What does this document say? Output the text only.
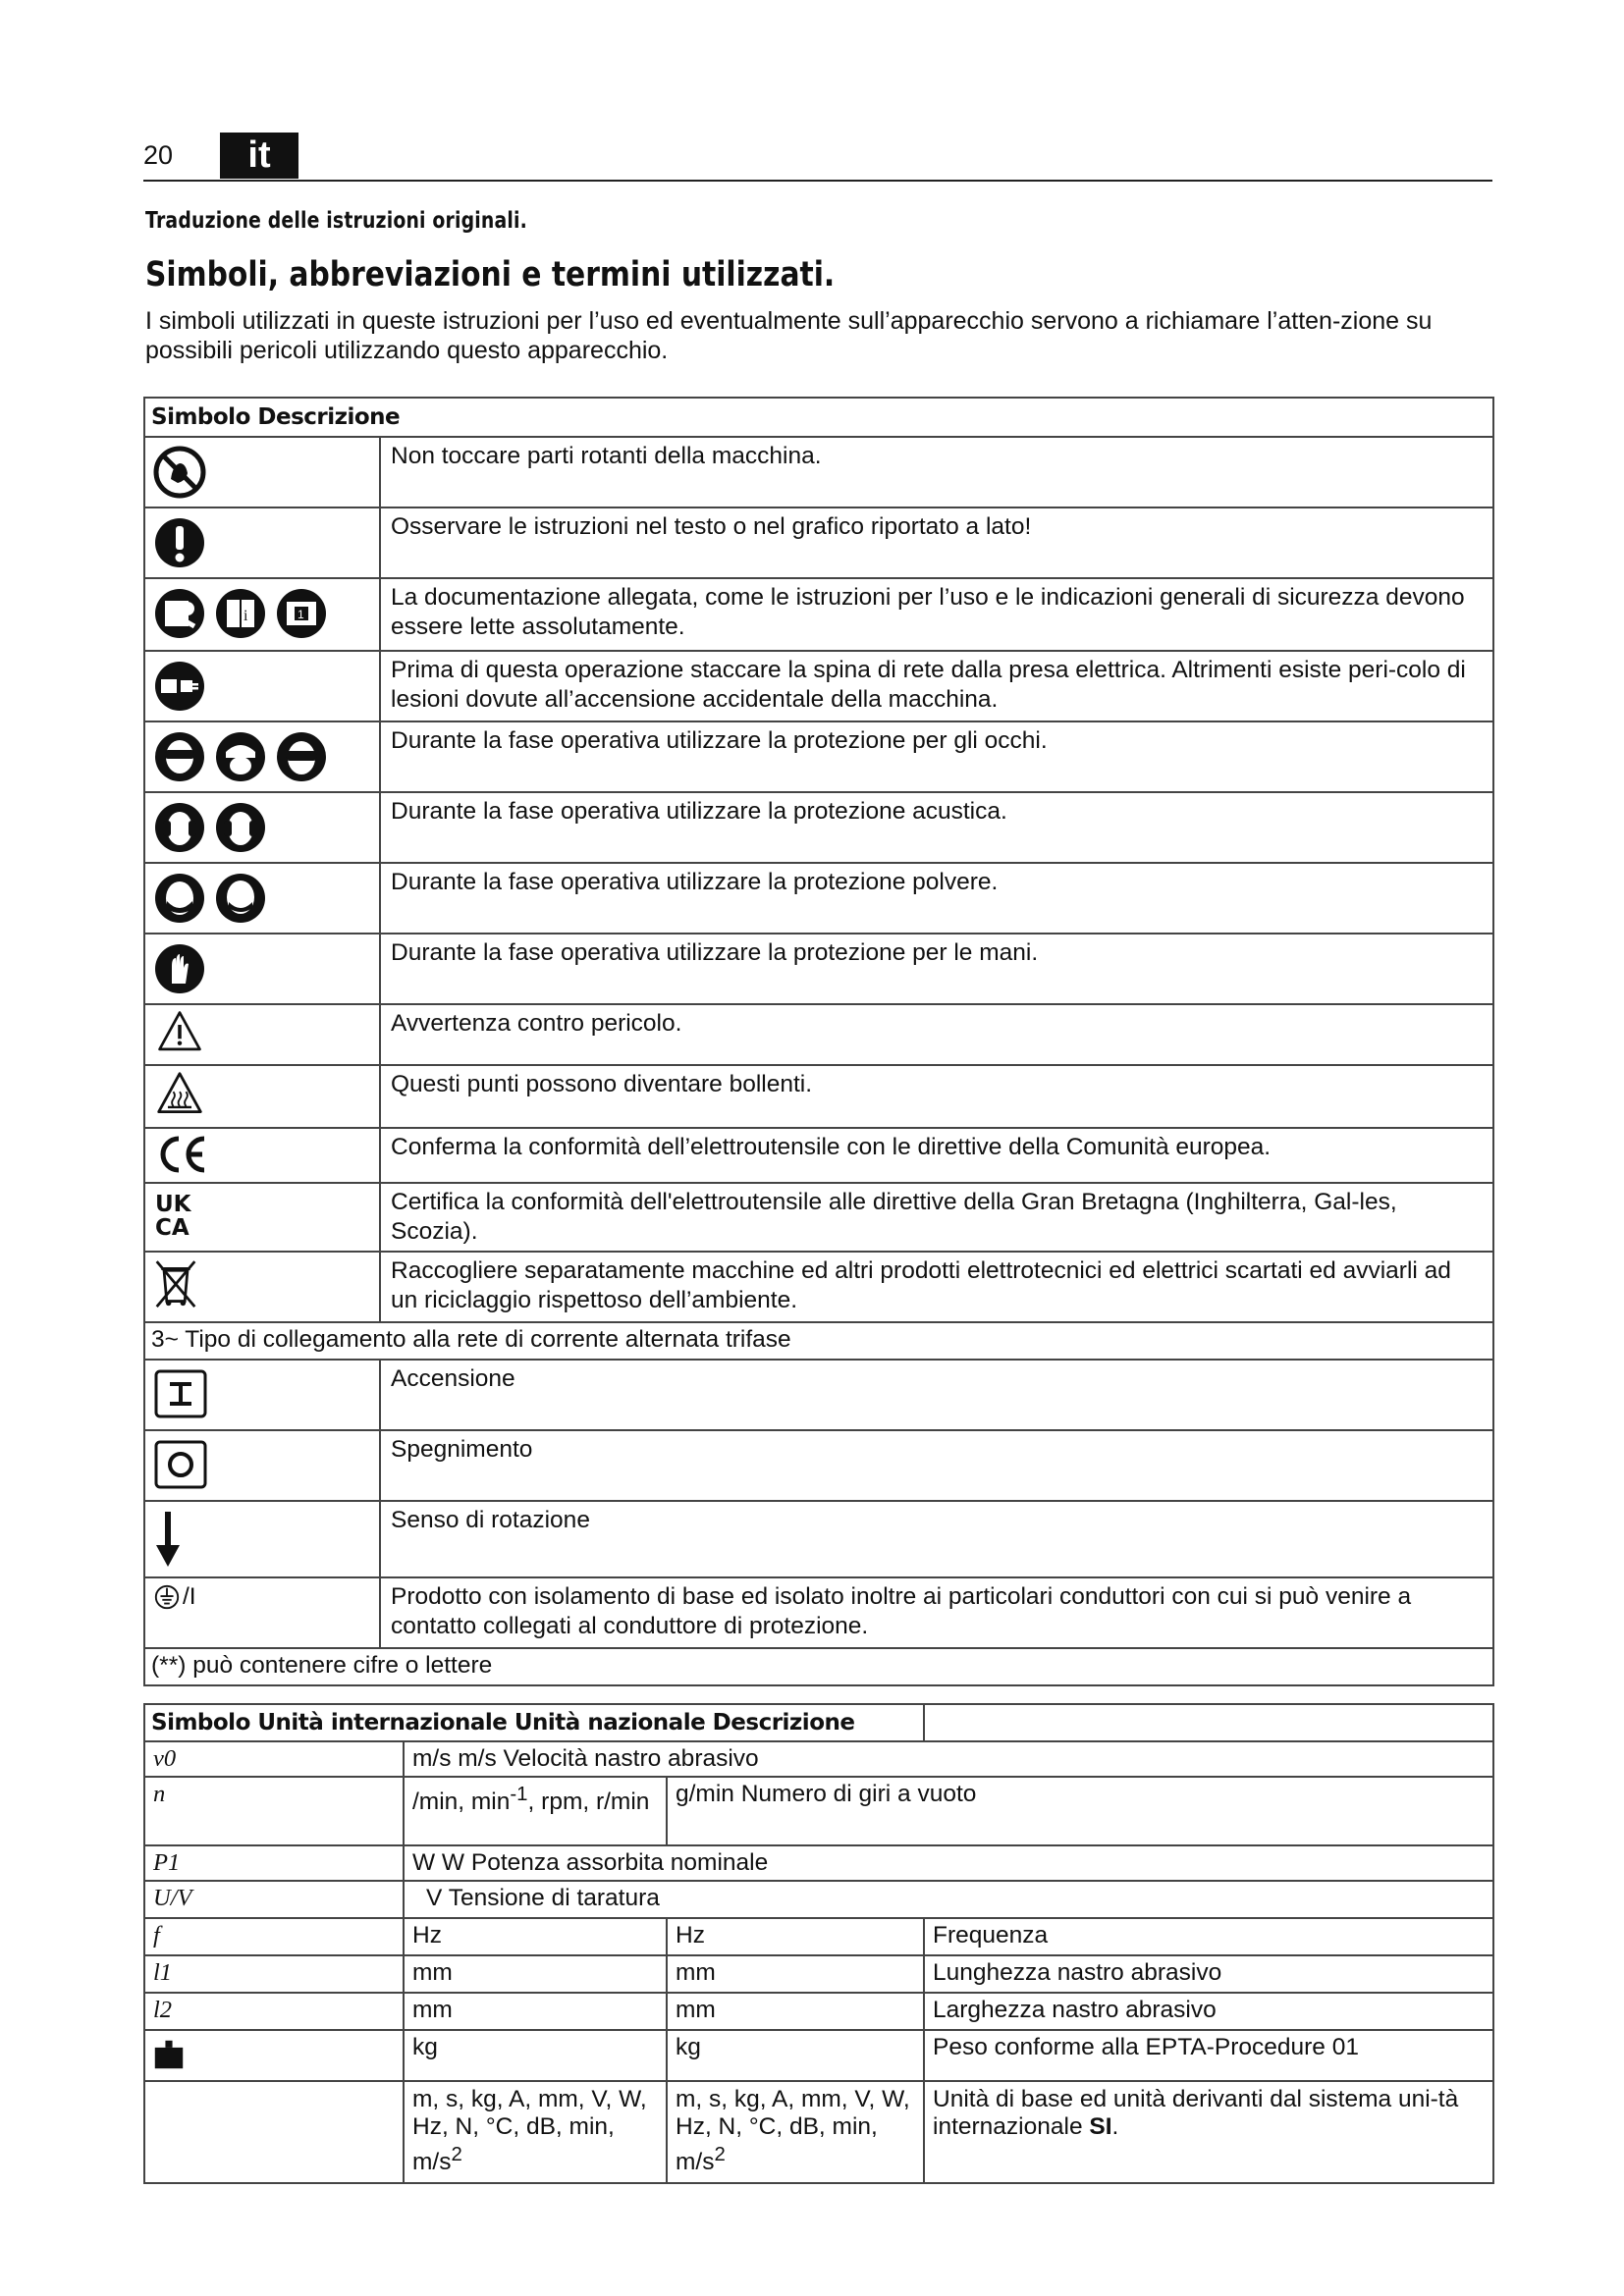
20	it
Traduzione delle istruzioni originali.
Simboli, abbreviazioni e termini utilizzati.
I simboli utilizzati in queste istruzioni per l’uso ed eventualmente sull’apparecchio servono a richiamare l’atten-zione su possibili pericoli utilizzando questo apparecchio.
Simbolo Descrizione	

	Non toccare parti rotanti della macchina.

	Osservare le istruzioni nel testo o nel grafico riportato a lato!

i 1	La documentazione allegata, come le istruzioni per l’uso e le indicazioni generali di sicurezza devono essere lette assolutamente.

	Prima di questa operazione staccare la spina di rete dalla presa elettrica. Altrimenti esiste peri-colo di lesioni dovute all’accensione accidentale della macchina.

	Durante la fase operativa utilizzare la protezione per gli occhi.

	Durante la fase operativa utilizzare la protezione acustica.

	Durante la fase operativa utilizzare la protezione polvere.

	Durante la fase operativa utilizzare la protezione per le mani.

	Avvertenza contro pericolo.

	Questi punti possono diventare bollenti.

	Conferma la conformità dell’elettroutensile con le direttive della Comunità europea.

UK
CA	Certifica la conformità dell'elettroutensile alle direttive della Gran Bretagna (Inghilterra, Gal-les, Scozia).

	Raccogliere separatamente macchine ed altri prodotti elettrotecnici ed elettrici scartati ed avviarli ad un riciclaggio rispettoso dell’ambiente.
3~ Tipo di collegamento alla rete di corrente alternata trifase	

	Accensione

	Spegnimento

	Senso di rotazione

/I	Prodotto con isolamento di base ed isolato inoltre ai particolari conduttori con cui si può venire a contatto collegati al conduttore di protezione.
(**) può contenere cifre o lettere	
Simbolo Unità internazionale Unità nazionale Descrizione			
v0	m/s m/s Velocità nastro abrasivo		
n	/min, $\min^{-1}$, rpm, r/min	g/min Numero di giri a vuoto	
P1	W W Potenza assorbita nominale		
U/V	V Tensione di taratura		
f	Hz	Hz	Frequenza
l1	mm	mm	Lunghezza nastro abrasivo
l2	mm	mm	Larghezza nastro abrasivo

	kg	kg	Peso conforme alla EPTA-Procedure 01
	m, s, kg, A, mm, V, W, Hz, N, °C, dB, min, $m/s^2$	m, s, kg, A, mm, V, W, Hz, N, °C, dB, min, $m/s^2$	Unità di base ed unità derivanti dal sistema uni-tà internazionale SI.
